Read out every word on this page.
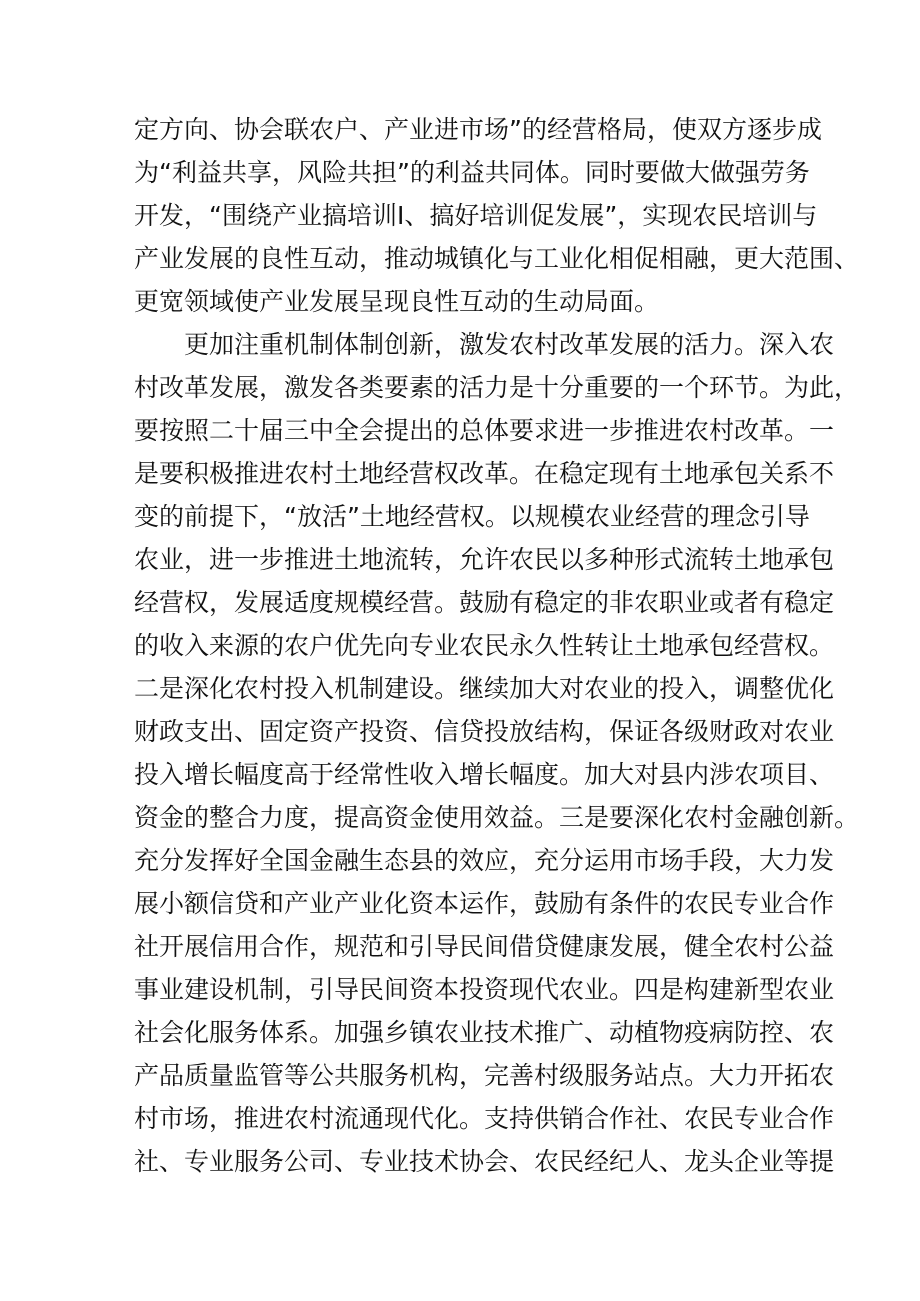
定方向、协会联农户、产业进市场”的经营格局，使双方逐步成
为“利益共享，风险共担”的利益共同体。同时要做大做强劳务
开发，“围绕产业搞培训I、搞好培训促发展”，实现农民培训与
产业发展的良性互动，推动城镇化与工业化相促相融，更大范围、
更宽领域使产业发展呈现良性互动的生动局面。
更加注重机制体制创新，激发农村改革发展的活力。深入农
村改革发展，激发各类要素的活力是十分重要的一个环节。为此，
要按照二十届三中全会提出的总体要求进一步推进农村改革。一
是要积极推进农村土地经营权改革。在稳定现有土地承包关系不
变的前提下，“放活”土地经营权。以规模农业经营的理念引导
农业，进一步推进土地流转，允许农民以多种形式流转土地承包
经营权，发展适度规模经营。鼓励有稳定的非农职业或者有稳定
的收入来源的农户优先向专业农民永久性转让土地承包经营权。
二是深化农村投入机制建设。继续加大对农业的投入，调整优化
财政支出、固定资产投资、信贷投放结构，保证各级财政对农业
投入增长幅度高于经常性收入增长幅度。加大对县内涉农项目、
资金的整合力度，提高资金使用效益。三是要深化农村金融创新。
充分发挥好全国金融生态县的效应，充分运用市场手段，大力发
展小额信贷和产业产业化资本运作，鼓励有条件的农民专业合作
社开展信用合作，规范和引导民间借贷健康发展，健全农村公益
事业建设机制，引导民间资本投资现代农业。四是构建新型农业
社会化服务体系。加强乡镇农业技术推广、动植物疫病防控、农
产品质量监管等公共服务机构，完善村级服务站点。大力开拓农
村市场，推进农村流通现代化。支持供销合作社、农民专业合作
社、专业服务公司、专业技术协会、农民经纪人、龙头企业等提
